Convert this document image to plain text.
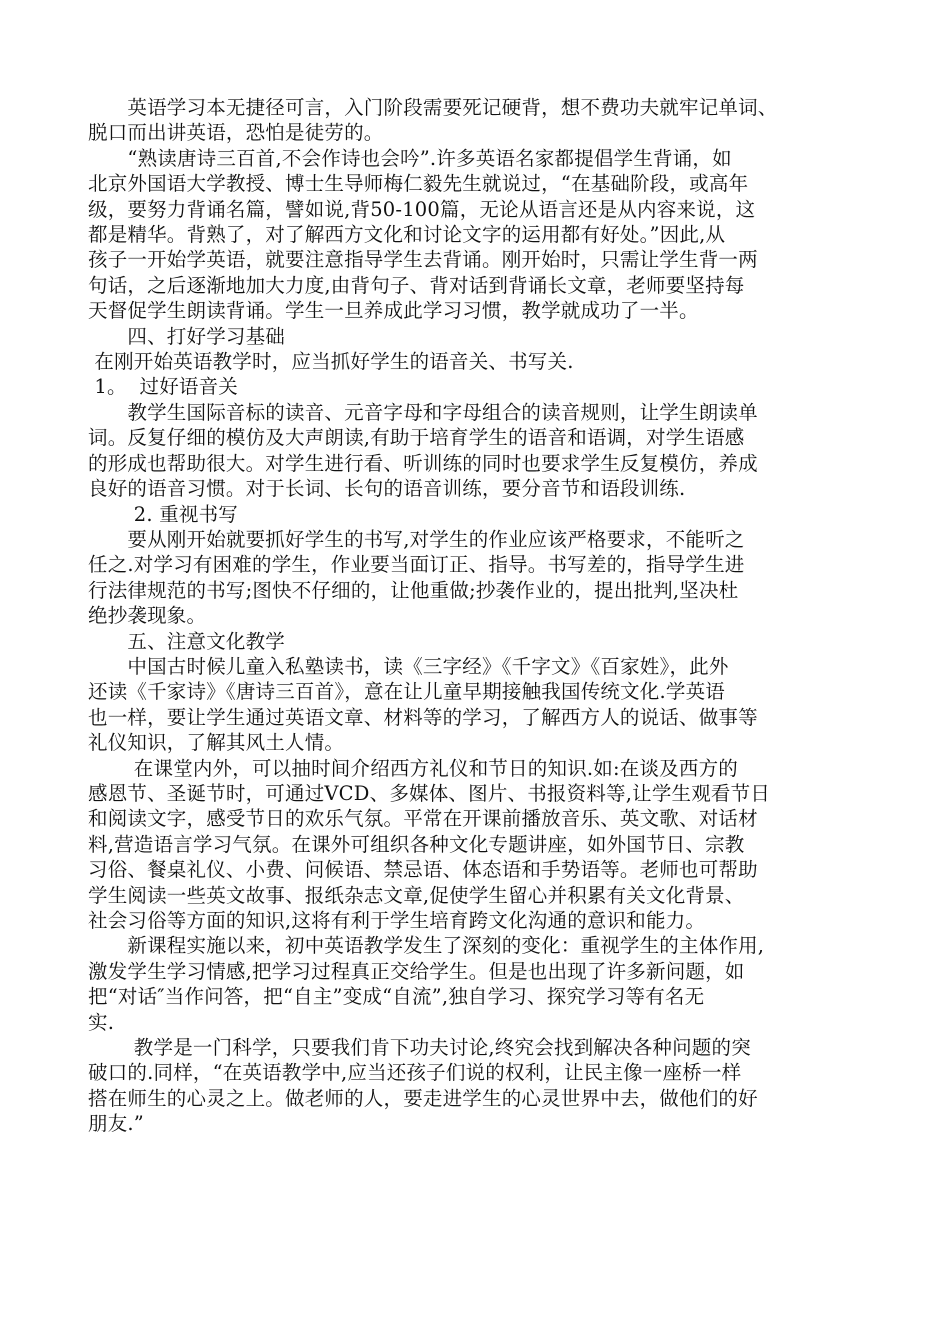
　　英语学习本无捷径可言，入门阶段需要死记硬背，想不费功夫就牢记单词、
脱口而出讲英语，恐怕是徒劳的。
　　“熟读唐诗三百首,不会作诗也会吟”.许多英语名家都提倡学生背诵，如
北京外国语大学教授、博士生导师梅仁毅先生就说过，“在基础阶段，或高年
级，要努力背诵名篇，譬如说,背50-100篇，无论从语言还是从内容来说，这
都是精华。背熟了，对了解西方文化和讨论文字的运用都有好处。”因此,从
孩子一开始学英语，就要注意指导学生去背诵。刚开始时，只需让学生背一两
句话，之后逐渐地加大力度,由背句子、背对话到背诵长文章，老师要坚持每
天督促学生朗读背诵。学生一旦养成此学习习惯，教学就成功了一半。
　　四、打好学习基础
在刚开始英语教学时，应当抓好学生的语音关、书写关.
1。  过好语音关
　　教学生国际音标的读音、元音字母和字母组合的读音规则，让学生朗读单
词。反复仔细的模仿及大声朗读,有助于培育学生的语音和语调，对学生语感
的形成也帮助很大。对学生进行看、听训练的同时也要求学生反复模仿，养成
良好的语音习惯。对于长词、长句的语音训练，要分音节和语段训练.
　　 2. 重视书写
　　要从刚开始就要抓好学生的书写,对学生的作业应该严格要求，不能听之
任之.对学习有困难的学生，作业要当面订正、指导。书写差的，指导学生进
行法律规范的书写;图快不仔细的，让他重做;抄袭作业的，提出批判,坚决杜
绝抄袭现象。
　　五、注意文化教学
　　中国古时候儿童入私塾读书，读《三字经》《千字文》《百家姓》，此外
还读《千家诗》《唐诗三百首》，意在让儿童早期接触我国传统文化.学英语
也一样，要让学生通过英语文章、材料等的学习，了解西方人的说话、做事等
礼仪知识，了解其风土人情。
　　 在课堂内外，可以抽时间介绍西方礼仪和节日的知识.如:在谈及西方的
感恩节、圣诞节时，可通过VCD、多媒体、图片、书报资料等,让学生观看节日
和阅读文字，感受节日的欢乐气氛。平常在开课前播放音乐、英文歌、对话材
料,营造语言学习气氛。在课外可组织各种文化专题讲座，如外国节日、宗教
习俗、餐桌礼仪、小费、问候语、禁忌语、体态语和手势语等。老师也可帮助
学生阅读一些英文故事、报纸杂志文章,促使学生留心并积累有关文化背景、
社会习俗等方面的知识,这将有利于学生培育跨文化沟通的意识和能力。
　　新课程实施以来，初中英语教学发生了深刻的变化：重视学生的主体作用,
激发学生学习情感,把学习过程真正交给学生。但是也出现了许多新问题，如
把“对话″当作问答，把“自主”变成“自流”,独自学习、探究学习等有名无
实.
　　 教学是一门科学，只要我们肯下功夫讨论,终究会找到解决各种问题的突
破口的.同样，“在英语教学中,应当还孩子们说的权利，让民主像一座桥一样
搭在师生的心灵之上。做老师的人，要走进学生的心灵世界中去，做他们的好
朋友.”
